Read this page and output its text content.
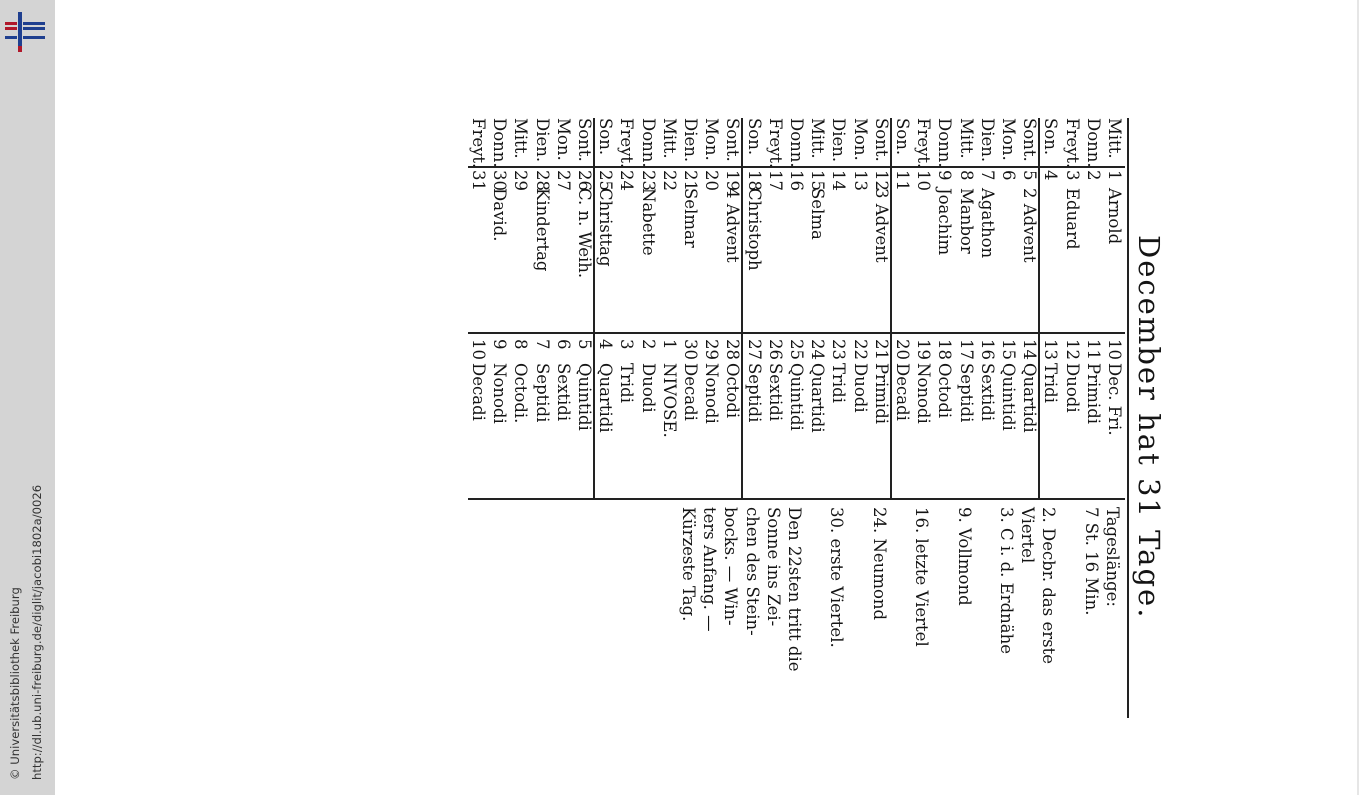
http://dl.ub.uni-freiburg.de/diglit/jacobi1802a/0026
© Universitätsbibliothek Freiburg
December hat 31 Tage.
Mitt.
1
Arnold
10
Dec. Fri.
Donn.
2
11
Primidi
Freyt.
3
Eduard
12
Duodi
Son.
4
13
Tridi
Sont.
5
2 Advent
14
Quartidi
Mon.
6
15
Quintidi
Dien.
7
Agathon
16
Sextidi
Mitt.
8
Manbor
17
Septidi
Donn.
9
Joachim
18
Octodi
Freyt.
10
19
Nonodi
Son.
11
20
Decadi
Sont.
12
3 Advent
21
Primidi
Mon.
13
22
Duodi
Dien.
14
23
Tridi
Mitt.
15
Selma
24
Quartidi
Donn.
16
25
Quintidi
Freyt.
17
26
Sextidi
Son.
18
Christoph
27
Septidi
Sont.
19
4 Advent
28
Octodi
Mon.
20
29
Nonodi
Dien.
21
Selmar
30
Decadi
Mitt.
22
1
NIVOSE.
Donn.
23
Nabette
2
Duodi
Freyt.
24
3
Tridi
Son.
25
Christtag
4
Quartidi
Sont.
26
C. n. Weih.
5
Quintidi
Mon.
27
6
Sextidi
Dien.
28
Kindertag
7
Septidi
Mitt.
29
8
Octodi.
Donn.
30
David.
9
Nonodi
Freyt.
31
10
Decadi
Tageslänge:
7 St. 16 Min.
2. Decbr. das erste
Viertel
3. C i. d. Erdnähe
9. Vollmond
16. letzte Viertel
24. Neumond
30. erste Viertel.
Den 22sten tritt die
Sonne ins Zei-
chen des Stein-
bocks. — Win-
ters Anfang. —
Kürzeste Tag.
